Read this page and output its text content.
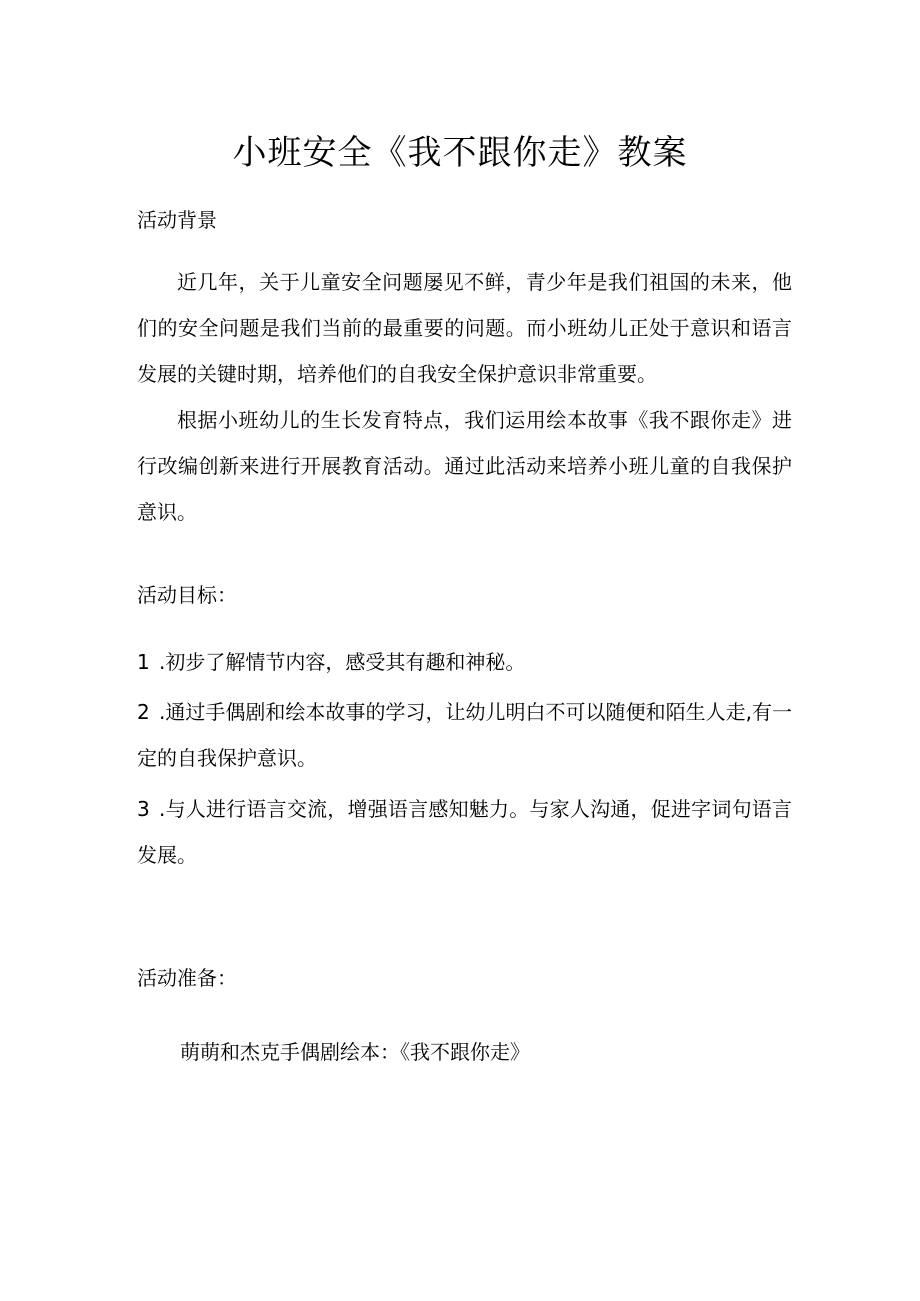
小班安全《我不跟你走》教案
活动背景

近几年，关于儿童安全问题屡见不鲜，青少年是我们祖国的未来，他们的安全问题是我们当前的最重要的问题。而小班幼儿正处于意识和语言发展的关键时期，培养他们的自我安全保护意识非常重要。

根据小班幼儿的生长发育特点，我们运用绘本故事《我不跟你走》进行改编创新来进行开展教育活动。通过此活动来培养小班儿童的自我保护意识。

活动目标：

1 .初步了解情节内容，感受其有趣和神秘。

2 .通过手偶剧和绘本故事的学习，让幼儿明白不可以随便和陌生人走,有一定的自我保护意识。

3 .与人进行语言交流，增强语言感知魅力。与家人沟通，促进字词句语言发展。

活动准备：

萌萌和杰克手偶剧绘本：《我不跟你走》
